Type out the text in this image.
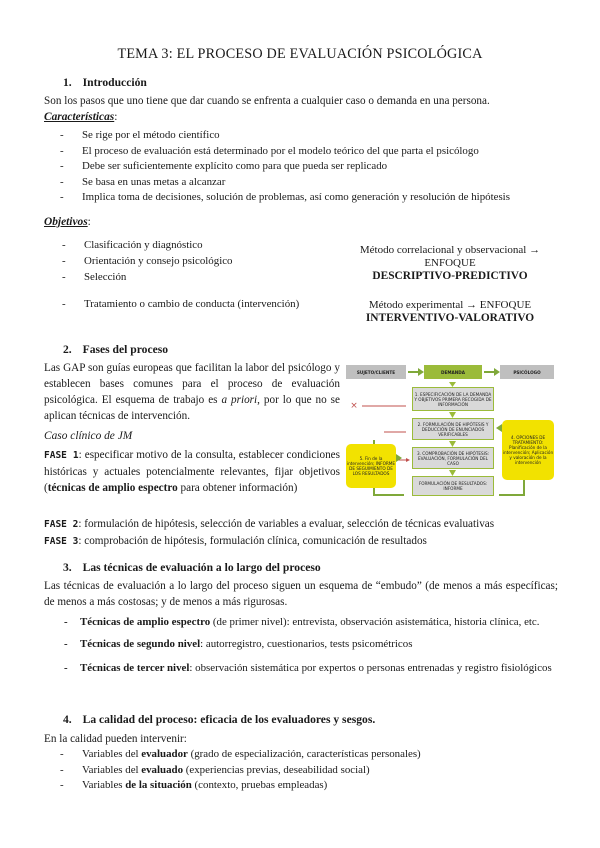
TEMA 3: EL PROCESO DE EVALUACIÓN PSICOLÓGICA
1. Introducción
Son los pasos que uno tiene que dar cuando se enfrenta a cualquier caso o demanda en una persona.
Características:
- Se rige por el método científico
- El proceso de evaluación está determinado por el modelo teórico del que parta el psicólogo
- Debe ser suficientemente explícito como para que pueda ser replicado
- Se basa en unas metas a alcanzar
- Implica toma de decisiones, solución de problemas, así como generación y resolución de hipótesis
Objetivos:
- Clasificación y diagnóstico
- Orientación y consejo psicológico
- Selección
- Tratamiento o cambio de conducta (intervención)
Método correlacional y observacional →
ENFOQUE
DESCRIPTIVO-PREDICTIVO
Método experimental → ENFOQUE
INTERVENTIVO-VALORATIVO
2. Fases del proceso
Las GAP son guías europeas que facilitan la labor del psicólogo y establecen bases comunes para el proceso de evaluación psicológica. El esquema de trabajo es a priori, por lo que no se aplican técnicas de intervención.
Caso clínico de JM
FASE 1: especificar motivo de la consulta, establecer condiciones históricas y actuales potencialmente relevantes, fijar objetivos (técnicas de amplio espectro para obtener información)
FASE 2: formulación de hipótesis, selección de variables a evaluar, selección de técnicas evaluativas
FASE 3: comprobación de hipótesis, formulación clínica, comunicación de resultados
SUJETO/CLIENTE	DEMANDA	PSICÓLOGO
1. ESPECIFICACIÓN DE LA DEMANDA Y OBJETIVOS PRIMERA RECOGIDA DE INFORMACIÓN
2. FORMULACIÓN DE HIPÓTESIS Y DEDUCCIÓN DE ENUNCIADOS VERIFICABLES
3. COMPROBACIÓN DE HIPÓTESIS: EVALUACIÓN, FORMULACIÓN DEL CASO
FORMULACIÓN DE RESULTADOS: INFORME
5. Fin de la intervención; INFORME DE SEGUIMIENTO DE LOS RESULTADOS
4. OPCIONES DE TRATAMIENTO: Planificación de la intervención; Aplicación y valoración de la intervención
×
3. Las técnicas de evaluación a lo largo del proceso
Las técnicas de evaluación a lo largo del proceso siguen un esquema de “embudo” (de menos a más específicas; de menos a más costosas; y de menos a más rigurosas.
- Técnicas de amplio espectro (de primer nivel): entrevista, observación asistemática, historia clínica, etc.
- Técnicas de segundo nivel: autorregistro, cuestionarios, tests psicométricos
- Técnicas de tercer nivel: observación sistemática por expertos o personas entrenadas y registro fisiológicos
4. La calidad del proceso: eficacia de los evaluadores y sesgos.
En la calidad pueden intervenir:
- Variables del evaluador (grado de especialización, características personales)
- Variables del evaluado (experiencias previas, deseabilidad social)
- Variables de la situación (contexto, pruebas empleadas)
